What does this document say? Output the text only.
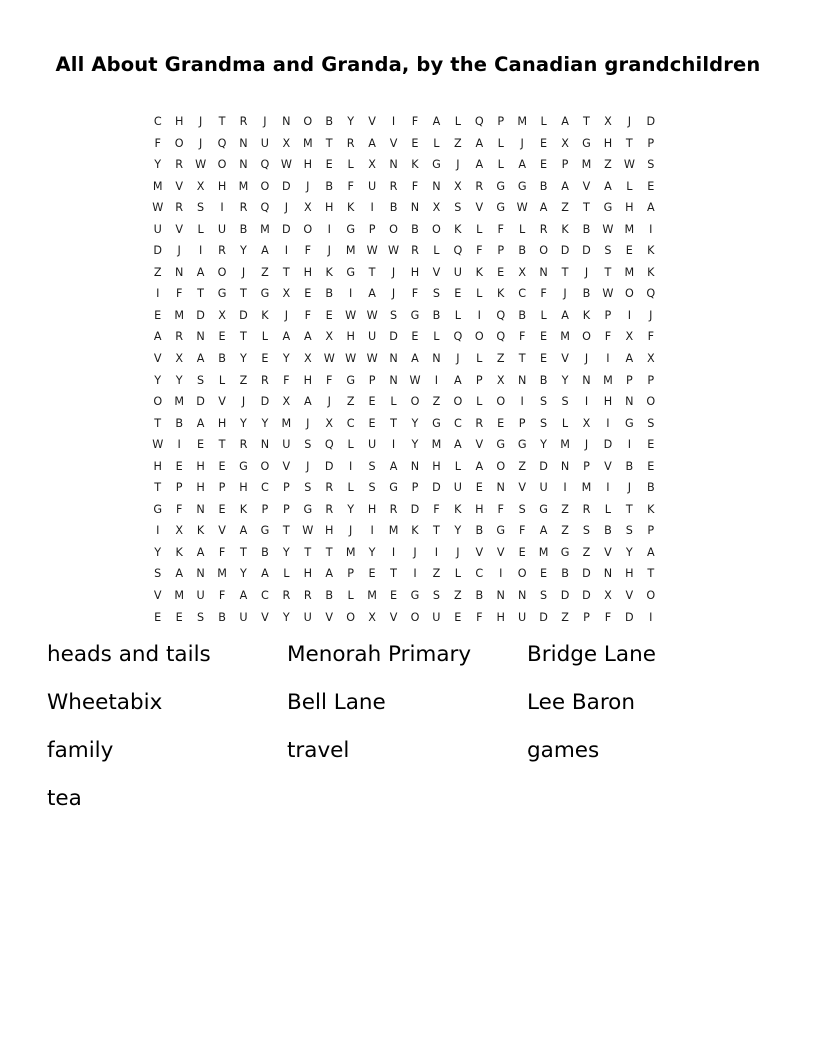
All About Grandma and Granda, by the Canadian grandchildren
C	H	J	T	R	J	N	O	B	Y	V	I	F	A	L	Q	P	M	L	A	T	X	J	D
F	O	J	Q	N	U	X	M	T	R	A	V	E	L	Z	A	L	J	E	X	G	H	T	P
Y	R	W	O	N	Q	W	H	E	L	X	N	K	G	J	A	L	A	E	P	M	Z	W	S
M	V	X	H	M	O	D	J	B	F	U	R	F	N	X	R	G	G	B	A	V	A	L	E
W	R	S	I	R	Q	J	X	H	K	I	B	N	X	S	V	G	W	A	Z	T	G	H	A
U	V	L	U	B	M	D	O	I	G	P	O	B	O	K	L	F	L	R	K	B	W M	I
D	J	I	R	Y	A	I	F	J	M W W	R	L	Q	F	P	B	O	D	D	S	E	K
Z	N	A	O	J	Z	T	H	K	G	T	J	H	V	U	K	E	X	N	T	J	T	M	K
I	F	T	G	T	G	X	E	B	I	A	J	F	S	E	L	K	C	F	J	B	W	O	Q
E	M	D	X	D	K	J	F	E	W W	S	G	B	L	I	Q	B	L	A	K	P	I	J
A	R	N	E	T	L	A	A	X	H	U	D	E	L	Q	O	Q	F	E	M	O	F	X	F
V	X	A	B	Y	E	Y	X	W W W	N	A	N	J	L	Z	T	E	V	J	I	A	X
Y	Y	S	L	Z	R	F	H	F	G	P	N	W	I	A	P	X	N	B	Y	N	M	P	P
O	M	D	V	J	D	X	A	J	Z	E	L	O	Z	O	L	O	I	S	S	I	H	N	O
T	B	A	H	Y	Y	M	J	X	C	E	T	Y	G	C	R	E	P	S	L	X	I	G	S
W	I	E	T	R	N	U	S	Q	L	U	I	Y	M	A	V	G	G	Y	M	J	D	I	E
H	E	H	E	G	O	V	J	D	I	S	A	N	H	L	A	O	Z	D	N	P	V	B	E
T	P	H	P	H	C	P	S	R	L	S	G	P	D	U	E	N	V	U	I	M	I	J	B
G	F	N	E	K	P	P	G	R	Y	H	R	D	F	K	H	F	S	G	Z	R	L	T	K
I	X	K	V	A	G	T	W	H	J	I	M	K	T	Y	B	G	F	A	Z	S	B	S	P
Y	K	A	F	T	B	Y	T	T	M	Y	I	J	I	J	V	V	E	M	G	Z	V	Y	A
S	A	N	M	Y	A	L	H	A	P	E	T	I	Z	L	C	I	O	E	B	D	N	H	T
V	M	U	F	A	C	R	R	B	L	M	E	G	S	Z	B	N	N	S	D	D	X	V	O
E	E	S	B	U	V	Y	U	V	O	X	V	O	U	E	F	H	U	D	Z	P	F	D	I
heads and tails	Menorah Primary	Bridge Lane
Wheetabix	Bell Lane	Lee Baron
family	travel	games
tea
